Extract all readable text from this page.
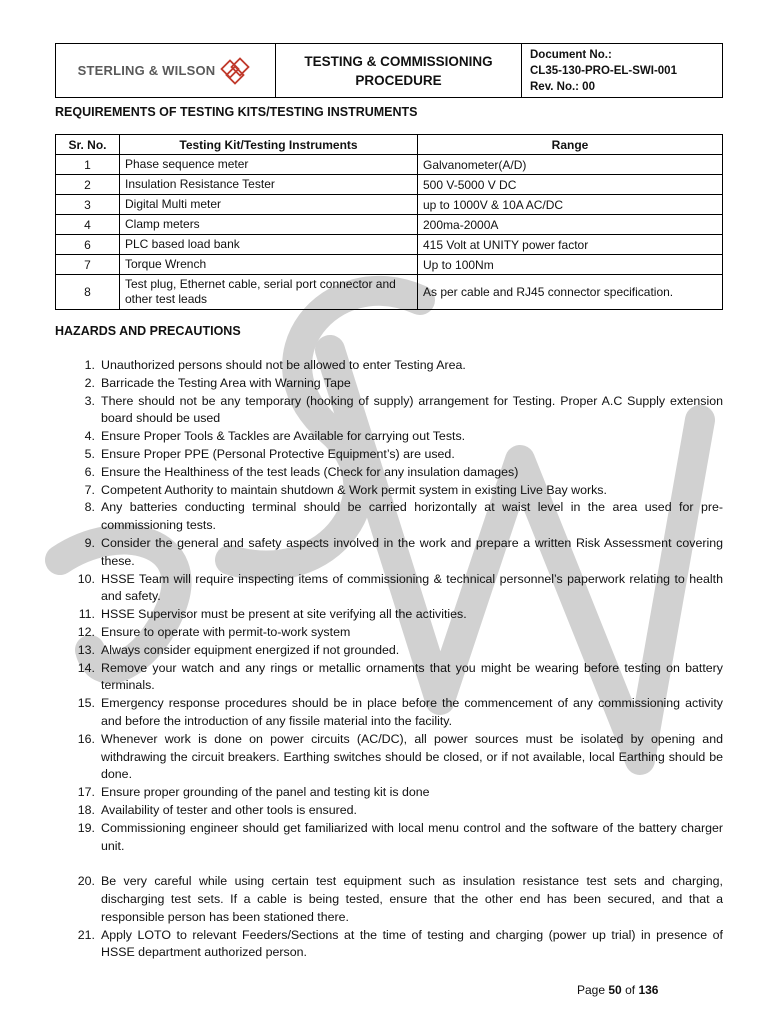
STERLING & WILSON
TESTING & COMMISSIONING
PROCEDURE
Document No.:
CL35-130-PRO-EL-SWI-001
Rev. No.: 00
REQUIREMENTS OF TESTING KITS/TESTING INSTRUMENTS
Sr. No.	Testing Kit/Testing Instruments	Range
1	Phase sequence meter	Galvanometer(A/D)
2	Insulation Resistance Tester	500 V-5000 V DC
3	Digital Multi meter	up to 1000V & 10A AC/DC
4	Clamp meters	200ma-2000A
6	PLC based load bank	415 Volt at UNITY power factor
7	Torque Wrench	Up to 100Nm
8	Test plug, Ethernet cable, serial port connector and other test leads	As per cable and RJ45 connector specification.
HAZARDS AND PRECAUTIONS
1. Unauthorized persons should not be allowed to enter Testing Area.
2. Barricade the Testing Area with Warning Tape
3. There should not be any temporary (hooking of supply) arrangement for Testing. Proper A.C Supply extension board should be used
4. Ensure Proper Tools & Tackles are Available for carrying out Tests.
5. Ensure Proper PPE (Personal Protective Equipment’s) are used.
6. Ensure the Healthiness of the test leads (Check for any insulation damages)
7. Competent Authority to maintain shutdown & Work permit system in existing Live Bay works.
8. Any batteries conducting terminal should be carried horizontally at waist level in the area used for pre-commissioning tests.
9. Consider the general and safety aspects involved in the work and prepare a written Risk Assessment covering these.
10. HSSE Team will require inspecting items of commissioning & technical personnel’s paperwork relating to health and safety.
11. HSSE Supervisor must be present at site verifying all the activities.
12. Ensure to operate with permit-to-work system
13. Always consider equipment energized if not grounded.
14. Remove your watch and any rings or metallic ornaments that you might be wearing before testing on battery terminals.
15. Emergency response procedures should be in place before the commencement of any commissioning activity and before the introduction of any fissile material into the facility.
16. Whenever work is done on power circuits (AC/DC), all power sources must be isolated by opening and withdrawing the circuit breakers. Earthing switches should be closed, or if not available, local Earthing should be done.
17. Ensure proper grounding of the panel and testing kit is done
18. Availability of tester and other tools is ensured.
19. Commissioning engineer should get familiarized with local menu control and the software of the battery charger unit.
20. Be very careful while using certain test equipment such as insulation resistance test sets and charging, discharging test sets. If a cable is being tested, ensure that the other end has been secured, and that a responsible person has been stationed there.
21. Apply LOTO to relevant Feeders/Sections at the time of testing and charging (power up trial) in presence of HSSE department authorized person.
Page 50 of 136
